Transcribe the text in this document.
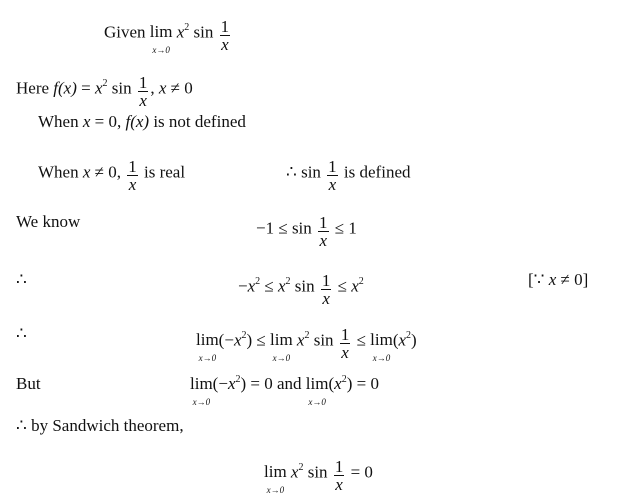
Given lim
x→0
$x^2$ $\sin \frac{1}{x}$
Here $f(x) = x^2$ $\sin \frac{1}{x}$ , x ≠ 0
When x = 0, f(x) is not defined
When x ≠ 0, $\frac{1}{x}$ is real	∴ $\sin \frac{1}{x}$ is defined
We know	$-1 \le \sin \frac{1}{x} \le 1$
∴	$-x^2 \le x^2$ $\sin \frac{1}{x} \le x^2$	[∵ x ≠ 0]
∴	lim
x→0
$(-x^2) \le \lim$
x→0
$x^2$ $\sin \frac{1}{x} \le \lim$
x→0
$(x^2)$
But	lim
x→0
$(-x^2) = 0$ and lim
x→0
$(x^2) = 0$
∴ by Sandwich theorem,
lim
x→0
$x^2$ $\sin \frac{1}{x} = 0$
